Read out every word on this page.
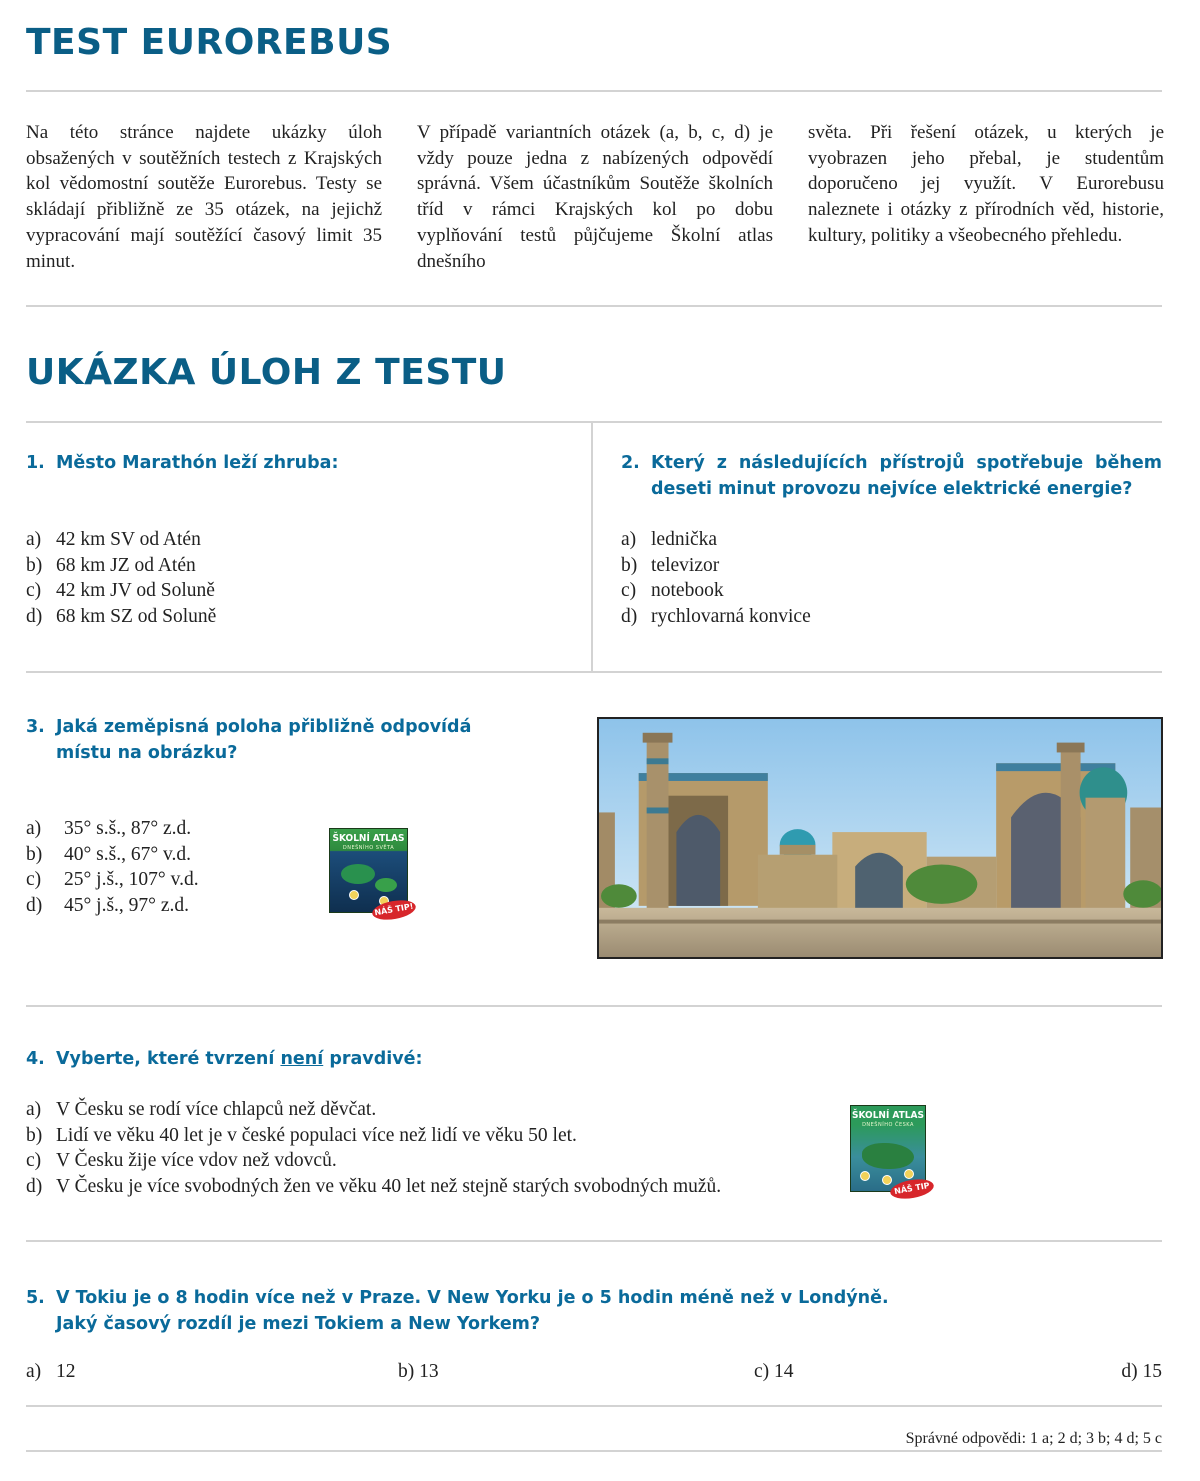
TEST EUROREBUS
Na této stránce najdete ukázky úloh obsažených v soutěžních testech z Krajských kol vědomostní soutěže Eurorebus. Testy se skládají přibližně ze 35 otázek, na jejichž vypracování mají soutěžící časový limit 35 minut.
V případě variantních otázek (a, b, c, d) je vždy pouze jedna z nabízených odpovědí správná. Všem účastníkům Soutěže školních tříd v rámci Krajských kol po dobu vyplňování testů půjčujeme Školní atlas dnešního
světa. Při řešení otázek, u kterých je vyobrazen jeho přebal, je studentům doporučeno jej využít. V Eurorebusu naleznete i otázky z přírodních věd, historie, kultury, politiky a všeobecného přehledu.
UKÁZKA ÚLOH Z TESTU
1. Město Marathón leží zhruba:
a) 42 km SV od Atén
b) 68 km JZ od Atén
c) 42 km JV od Soluně
d) 68 km SZ od Soluně
2. Který z následujících přístrojů spotřebuje během deseti minut provozu nejvíce elektrické energie?
a) lednička
b) televizor
c) notebook
d) rychlovarná konvice
3. Jaká zeměpisná poloha přibližně odpovídá místu na obrázku?
a)	35° s.š., 87° z.d.
b)	40° s.š., 67° v.d.
c)	25° j.š., 107° v.d.
d)	45° j.š., 97° z.d.
ŠKOLNÍ ATLAS
DNEŠNÍHO SVĚTA
NÁŠ TIP!
4. Vyberte, které tvrzení není pravdivé:
a) V Česku se rodí více chlapců než děvčat.
b) Lidí ve věku 40 let je v české populaci více než lidí ve věku 50 let.
c) V Česku žije více vdov než vdovců.
d) V Česku je více svobodných žen ve věku 40 let než stejně starých svobodných mužů.
ŠKOLNÍ ATLAS
DNEŠNÍHO ČESKA
NÁŠ TIP
5. V Tokiu je o 8 hodin více než v Praze. V New Yorku je o 5 hodin méně než v Londýně.
Jaký časový rozdíl je mezi Tokiem a New Yorkem?
a) 12	b) 13	c) 14	d) 15
Správné odpovědi: 1 a; 2 d; 3 b; 4 d; 5 c
